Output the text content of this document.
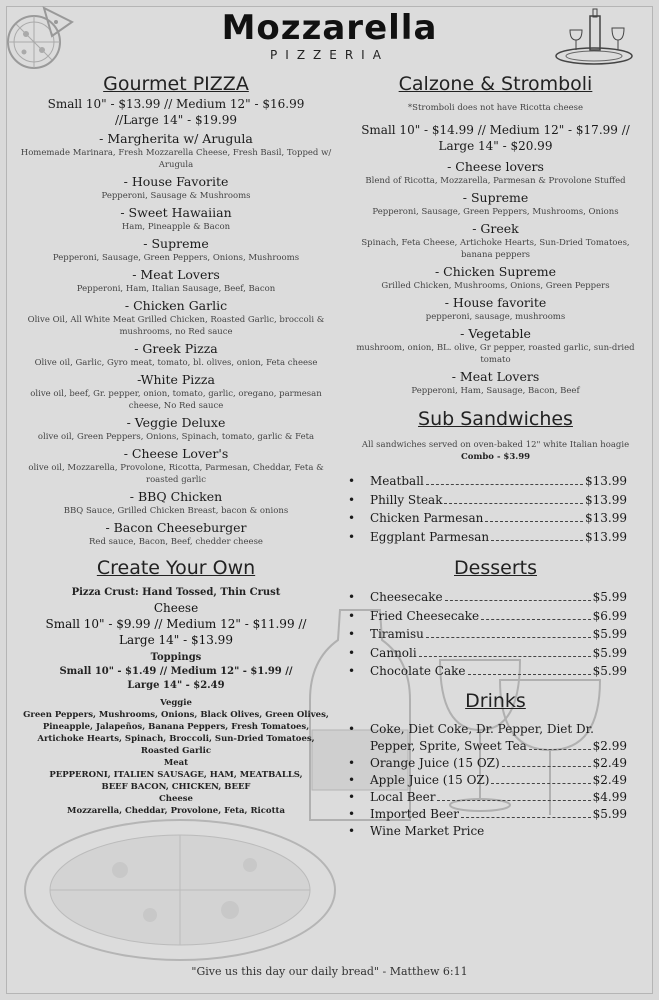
Mozzarella
PIZZERIA
Gourmet PIZZA
Small 10" - $13.99 // Medium 12" - $16.99 //Large 14" - $19.99
- Margherita w/ Arugula
Homemade Marinara, Fresh Mozzarella Cheese, Fresh Basil, Topped w/ Arugula
- House Favorite
Pepperoni, Sausage & Mushrooms
- Sweet Hawaiian
Ham, Pineapple & Bacon
- Supreme
Pepperoni, Sausage, Green Peppers, Onions, Mushrooms
- Meat Lovers
Pepperoni, Ham, Italian Sausage, Beef, Bacon
- Chicken Garlic
Olive Oil, All White Meat Grilled Chicken, Roasted Garlic, broccoli & mushrooms, no Red sauce
- Greek Pizza
Olive oil, Garlic, Gyro meat, tomato, bl. olives, onion, Feta cheese
-White Pizza
olive oil, beef, Gr. pepper, onion, tomato, garlic, oregano, parmesan cheese, No Red sauce
- Veggie Deluxe
olive oil, Green Peppers, Onions, Spinach, tomato, garlic & Feta
- Cheese Lover's
olive oil, Mozzarella, Provolone, Ricotta, Parmesan, Cheddar, Feta & roasted garlic
- BBQ Chicken
BBQ Sauce, Grilled Chicken Breast, bacon & onions
- Bacon Cheeseburger
Red sauce, Bacon, Beef, chedder cheese
Create Your Own
Pizza Crust: Hand Tossed, Thin Crust
Cheese
Small 10" - $9.99 // Medium 12" - $11.99 // Large 14" - $13.99
Toppings
Small 10" - $1.49 // Medium 12" - $1.99 // Large 14" - $2.49
Veggie
Green Peppers, Mushrooms, Onions, Black Olives, Green Olives, Pineapple, Jalapeños, Banana Peppers, Fresh Tomatoes, Artichoke Hearts, Spinach, Broccoli, Sun-Dried Tomatoes, Roasted Garlic
Meat
PEPPERONI, ITALIEN SAUSAGE, HAM, MEATBALLS, BEEF BACON, CHICKEN, BEEF
Cheese
Mozzarella, Cheddar, Provolone, Feta, Ricotta
Calzone & Stromboli
*Stromboli does not have Ricotta cheese
Small 10" - $14.99 // Medium 12" - $17.99 // Large 14" - $20.99
- Cheese lovers
Blend of Ricotta, Mozzarella, Parmesan & Provolone Stuffed
- Supreme
Pepperoni, Sausage, Green Peppers, Mushrooms, Onions
- Greek
Spinach, Feta Cheese, Artichoke Hearts, Sun-Dried Tomatoes, banana peppers
- Chicken Supreme
Grilled Chicken, Mushrooms, Onions, Green Peppers
- House favorite
pepperoni, sausage, mushrooms
- Vegetable
mushroom, onion, BL. olive, Gr pepper, roasted garlic, sun-dried tomato
- Meat Lovers
Pepperoni, Ham, Sausage, Bacon, Beef
Sub Sandwiches
All sandwiches served on oven-baked 12" white Italian hoagie
Combo - $3.99
• Meatball	$13.99
• Philly Steak	$13.99
• Chicken Parmesan	$13.99
• Eggplant Parmesan	$13.99
Desserts
• Cheesecake	$5.99
• Fried Cheesecake	$6.99
• Tiramisu	$5.99
• Cannoli	$5.99
• Chocolate Cake	$5.99
Drinks
• Coke, Diet Coke, Dr. Pepper, Diet Dr.

Pepper, Sprite, Sweet Tea	$2.99
• Orange Juice (15 OZ)	$2.49
• Apple Juice (15 OZ)	$2.49
• Local Beer	$4.99
• Imported Beer	$5.99
• Wine Market Price
"Give us this day our daily bread" - Matthew 6:11
